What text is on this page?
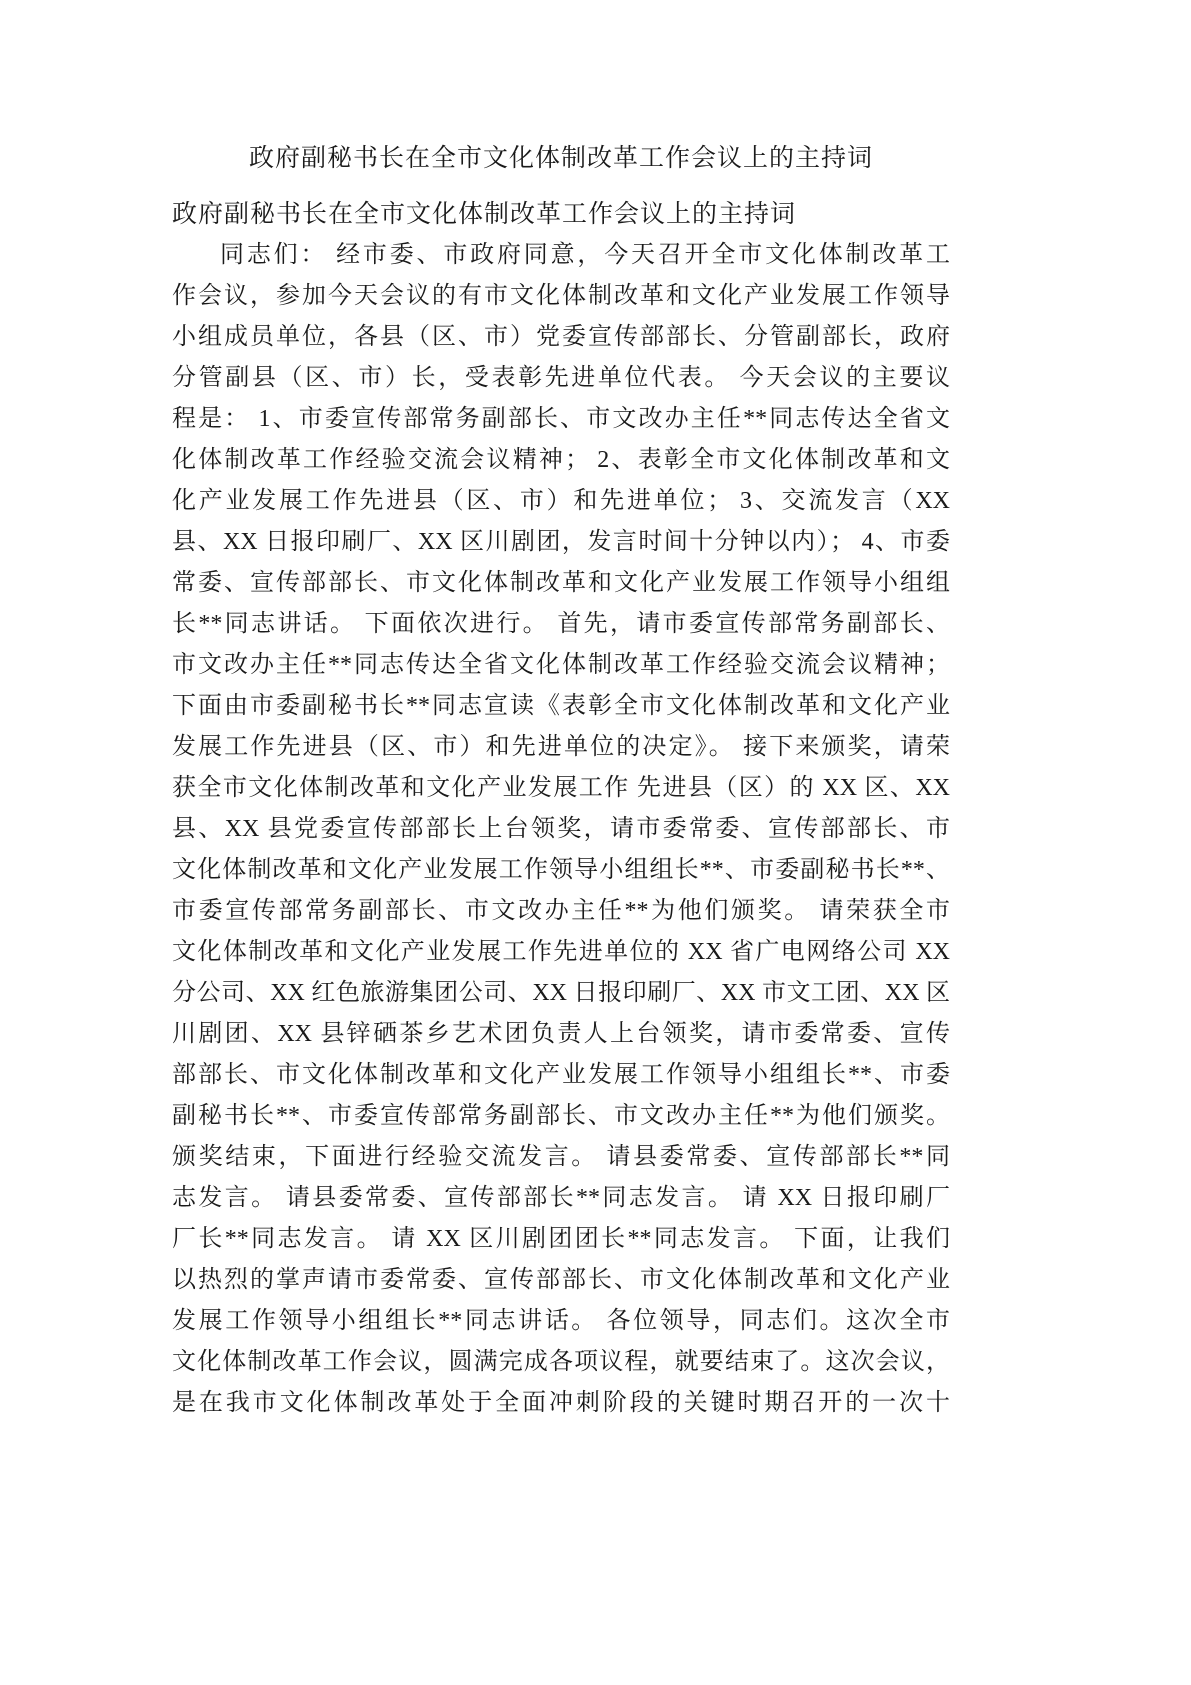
政府副秘书长在全市文化体制改革工作会议上的主持词
政府副秘书长在全市文化体制改革工作会议上的主持词
同志们： 经市委、市政府同意，今天召开全市文化体制改革工
作会议，参加今天会议的有市文化体制改革和文化产业发展工作领导
小组成员单位，各县（区、市）党委宣传部部长、分管副部长，政府
分管副县（区、市）长，受表彰先进单位代表。 今天会议的主要议
程是： 1、市委宣传部常务副部长、市文改办主任**同志传达全省文
化体制改革工作经验交流会议精神； 2、表彰全市文化体制改革和文
化产业发展工作先进县（区、市）和先进单位； 3、交流发言（XX
县、XX 日报印刷厂、XX 区川剧团，发言时间十分钟以内）； 4、市委
常委、宣传部部长、市文化体制改革和文化产业发展工作领导小组组
长**同志讲话。 下面依次进行。 首先，请市委宣传部常务副部长、
市文改办主任**同志传达全省文化体制改革工作经验交流会议精神；
下面由市委副秘书长**同志宣读《表彰全市文化体制改革和文化产业
发展工作先进县（区、市）和先进单位的决定》。 接下来颁奖，请荣
获全市文化体制改革和文化产业发展工作 先进县（区）的 XX 区、XX
县、XX 县党委宣传部部长上台领奖，请市委常委、宣传部部长、市
文化体制改革和文化产业发展工作领导小组组长**、市委副秘书长**、
市委宣传部常务副部长、市文改办主任**为他们颁奖。 请荣获全市
文化体制改革和文化产业发展工作先进单位的 XX 省广电网络公司 XX
分公司、XX 红色旅游集团公司、XX 日报印刷厂、XX 市文工团、XX 区
川剧团、XX 县锌硒茶乡艺术团负责人上台领奖，请市委常委、宣传
部部长、市文化体制改革和文化产业发展工作领导小组组长**、市委
副秘书长**、市委宣传部常务副部长、市文改办主任**为他们颁奖。
颁奖结束，下面进行经验交流发言。 请县委常委、宣传部部长**同
志发言。 请县委常委、宣传部部长**同志发言。 请 XX 日报印刷厂
厂长**同志发言。 请 XX 区川剧团团长**同志发言。 下面，让我们
以热烈的掌声请市委常委、宣传部部长、市文化体制改革和文化产业
发展工作领导小组组长**同志讲话。 各位领导，同志们。这次全市
文化体制改革工作会议，圆满完成各项议程，就要结束了。这次会议，
是在我市文化体制改革处于全面冲刺阶段的关键时期召开的一次十
